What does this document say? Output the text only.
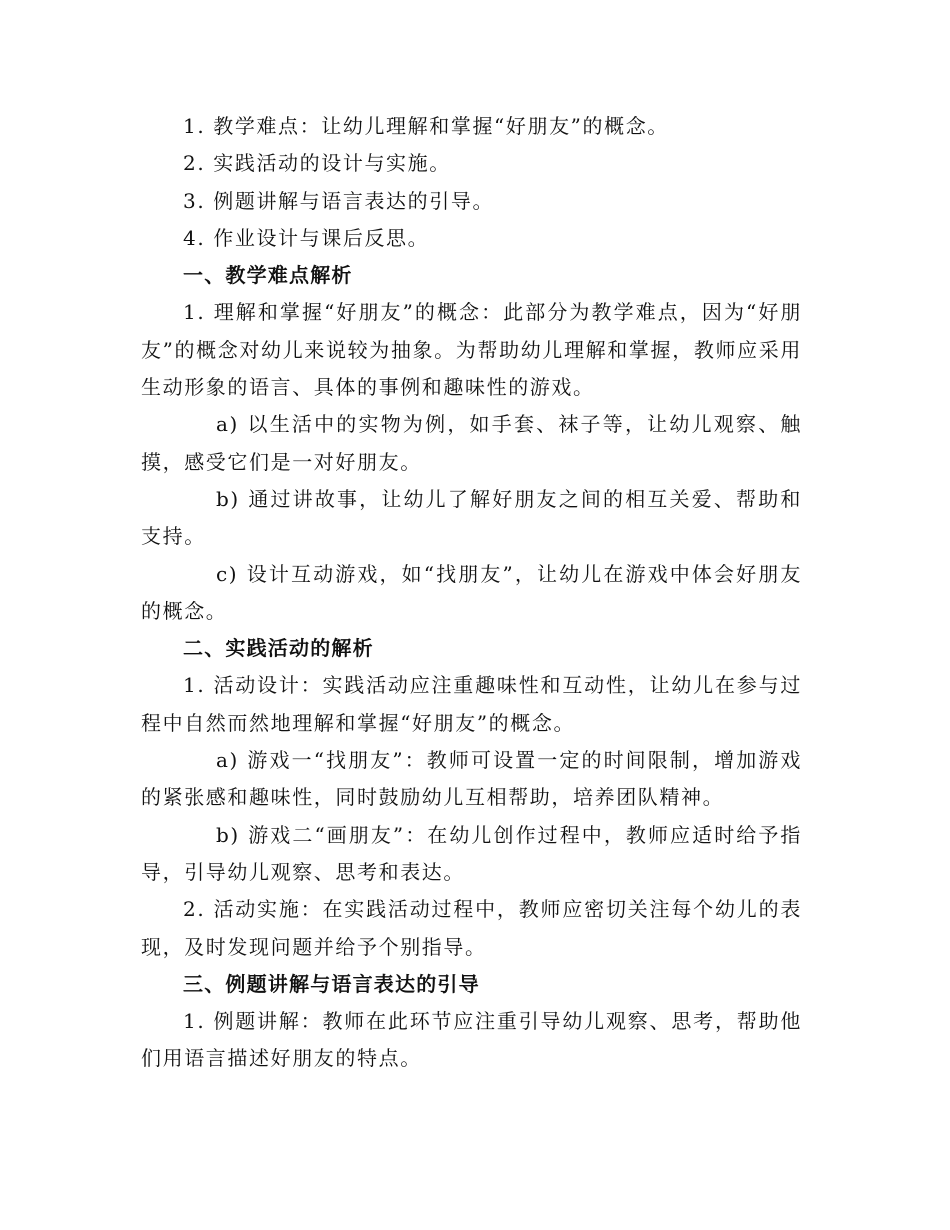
1. 教学难点：让幼儿理解和掌握“好朋友”的概念。

2. 实践活动的设计与实施。

3. 例题讲解与语言表达的引导。

4. 作业设计与课后反思。

一、教学难点解析

1. 理解和掌握“好朋友”的概念：此部分为教学难点，因为“好朋友”的概念对幼儿来说较为抽象。为帮助幼儿理解和掌握，教师应采用生动形象的语言、具体的事例和趣味性的游戏。

a) 以生活中的实物为例，如手套、袜子等，让幼儿观察、触摸，感受它们是一对好朋友。

b) 通过讲故事，让幼儿了解好朋友之间的相互关爱、帮助和支持。

c) 设计互动游戏，如“找朋友”，让幼儿在游戏中体会好朋友的概念。

二、实践活动的解析

1. 活动设计：实践活动应注重趣味性和互动性，让幼儿在参与过程中自然而然地理解和掌握“好朋友”的概念。

a) 游戏一“找朋友”：教师可设置一定的时间限制，增加游戏的紧张感和趣味性，同时鼓励幼儿互相帮助，培养团队精神。

b) 游戏二“画朋友”：在幼儿创作过程中，教师应适时给予指导，引导幼儿观察、思考和表达。

2. 活动实施：在实践活动过程中，教师应密切关注每个幼儿的表现，及时发现问题并给予个别指导。

三、例题讲解与语言表达的引导

1. 例题讲解：教师在此环节应注重引导幼儿观察、思考，帮助他们用语言描述好朋友的特点。
